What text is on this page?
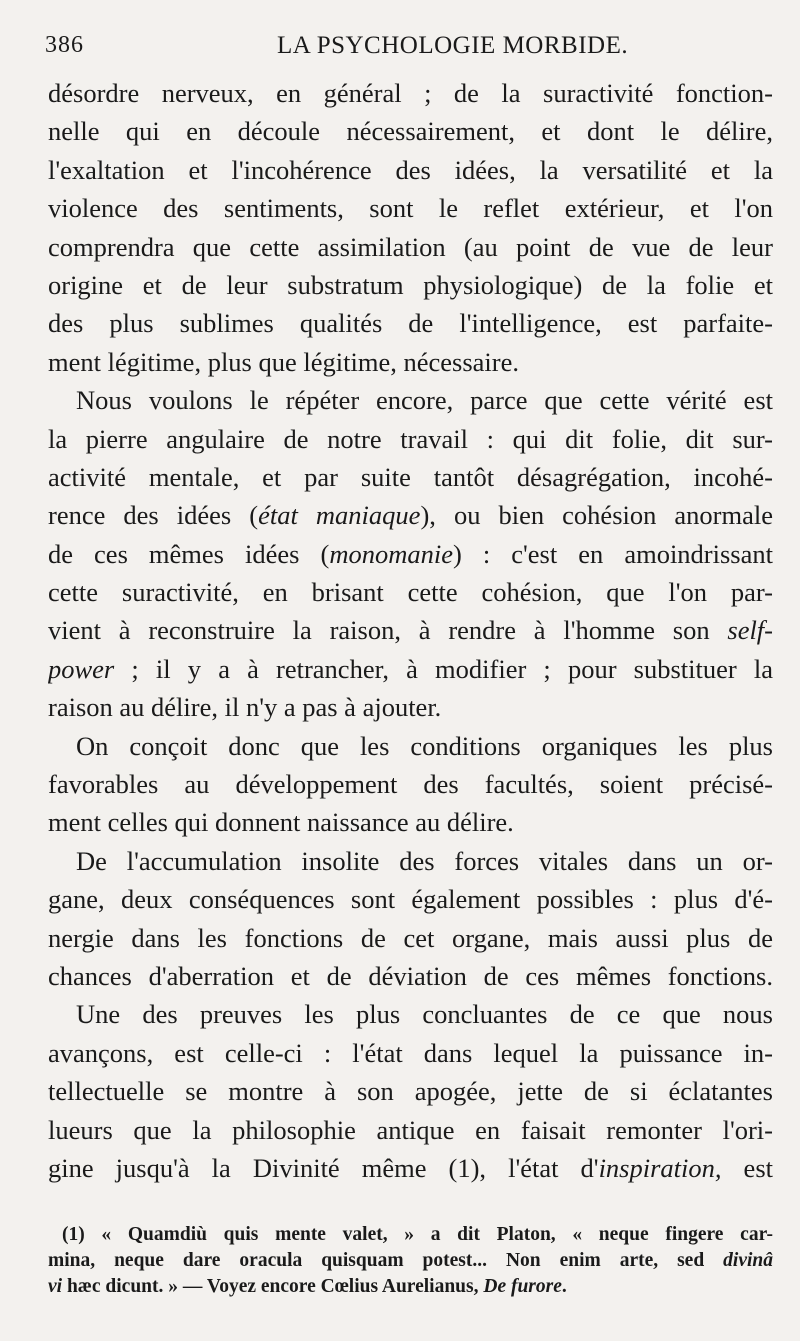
386	LA PSYCHOLOGIE MORBIDE.
désordre nerveux, en général ; de la suractivité fonction-
nelle qui en découle nécessairement, et dont le délire,
l'exaltation et l'incohérence des idées, la versatilité et la
violence des sentiments, sont le reflet extérieur, et l'on
comprendra que cette assimilation (au point de vue de leur
origine et de leur substratum physiologique) de la folie et
des plus sublimes qualités de l'intelligence, est parfaite-
ment légitime, plus que légitime, nécessaire.
Nous voulons le répéter encore, parce que cette vérité est
la pierre angulaire de notre travail : qui dit folie, dit sur-
activité mentale, et par suite tantôt désagrégation, incohé-
rence des idées (état maniaque), ou bien cohésion anormale
de ces mêmes idées (monomanie) : c'est en amoindrissant
cette suractivité, en brisant cette cohésion, que l'on par-
vient à reconstruire la raison, à rendre à l'homme son self-
power ; il y a à retrancher, à modifier ; pour substituer la
raison au délire, il n'y a pas à ajouter.
On conçoit donc que les conditions organiques les plus
favorables au développement des facultés, soient précisé-
ment celles qui donnent naissance au délire.
De l'accumulation insolite des forces vitales dans un or-
gane, deux conséquences sont également possibles : plus d'é-
nergie dans les fonctions de cet organe, mais aussi plus de
chances d'aberration et de déviation de ces mêmes fonctions.
Une des preuves les plus concluantes de ce que nous
avançons, est celle-ci : l'état dans lequel la puissance in-
tellectuelle se montre à son apogée, jette de si éclatantes
lueurs que la philosophie antique en faisait remonter l'ori-
gine jusqu'à la Divinité même (1), l'état d'inspiration, est
(1) « Quamdiù quis mente valet, » a dit Platon, « neque fingere car-
mina, neque dare oracula quisquam potest... Non enim arte, sed divinâ
vi hæc dicunt. » — Voyez encore Cœlius Aurelianus, De furore.
